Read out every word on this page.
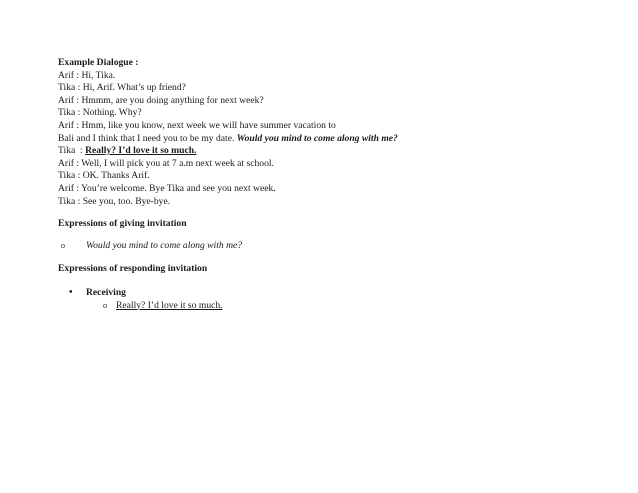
Example Dialogue :
Arif : Hi, Tika.
Tika : Hi, Arif. What’s up friend?
Arif : Hmmm, are you doing anything for next week?
Tika : Nothing. Why?
Arif : Hmm, like you know, next week we will have summer vacation to
Bali and I think that I need you to be my date. Would you mind to come along with me?
Tika  : Really? I’d love it so much.
Arif : Well, I will pick you at 7 a.m next week at school.
Tika : OK. Thanks Arif.
Arif : You’re welcome. Bye Tika and see you next week.
Tika : See you, too. Bye-bye.
Expressions of giving invitation
o Would you mind to come along with me?
Expressions of responding invitation
• Receiving
o Really? I’d love it so much.
